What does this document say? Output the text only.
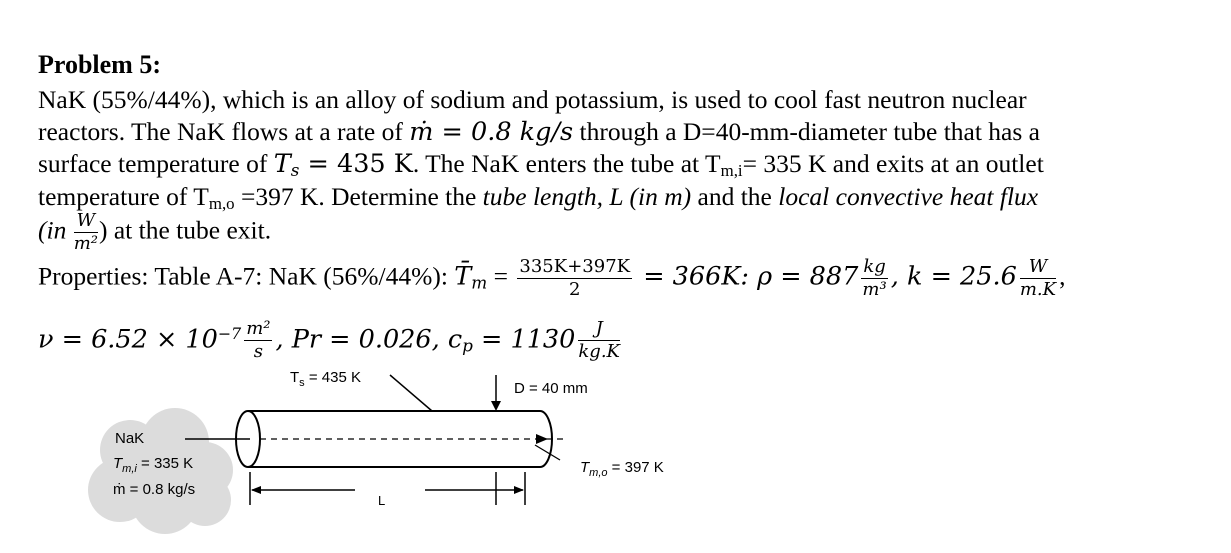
Problem 5:
NaK (55%/44%), which is an alloy of sodium and potassium, is used to cool fast neutron nuclear
reactors. The NaK flows at a rate of ṁ = 0.8 kg/s through a D=40-mm-diameter tube that has a
surface temperature of $T_s = 435$ K. The NaK enters the tube at $T_{m,i}= 335$ K and exits at an outlet
temperature of $T_{m,o} =397$ K. Determine the tube length, L (in m) and the local convective heat flux
($in \frac{W}{\text{m²}}$ ) at the tube exit.
Properties: Table A-7: NaK (56%/44%): $T̄_m = \frac{335K+397K}{2} = 366K$: $\rho = 887 \frac{kg}{\text{m³}}$ , $k = 25.6 \frac{W}{m.K}$ ,
$\nu = 6.52 \times 10^{-7} \frac{\text{m²}}{s}$ , Pr = 0.026, $c_p = 1130 \frac{J}{kg.K}$
$T_s = 435$ K
D = 40 mm
NaK
$T_{m,i} = 335$ K
ṁ = 0.8 kg/s
$T_{m,o} = 397$ K
L
